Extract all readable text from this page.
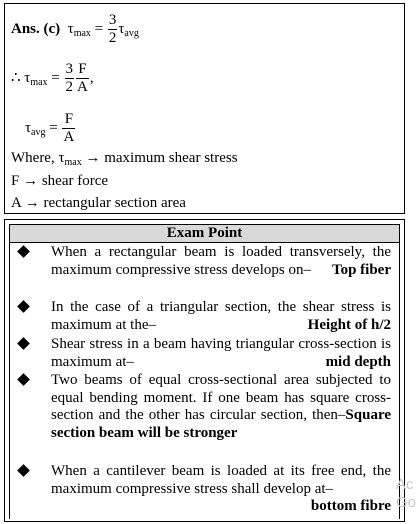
Ans. (c) $\tau_{max} = \frac{3}{2} \tau_{avg}$
∴ $\tau_{max} = \frac{3}{2} \frac{F}{A}$ ,
$\tau_{avg} = \frac{F}{A}$
Where, $\tau_{max}$ → maximum shear stress
F → shear force
A → rectangular section area
Exam Point
When a rectangular beam is loaded transversely, the maximum compressive stress develops on– Top fiber
In the case of a triangular section, the shear stress is maximum at the–	Height of h/2
Shear stress in a beam having triangular cross-section is maximum at–	mid depth
Two beams of equal cross-sectional area subjected to equal bending moment. If one beam has square cross-section and the other has circular section, then–Square section beam will be stronger
When a cantilever beam is loaded at its free end, the maximum compressive stress shall develop at–
bottom fibre
Ac Go
